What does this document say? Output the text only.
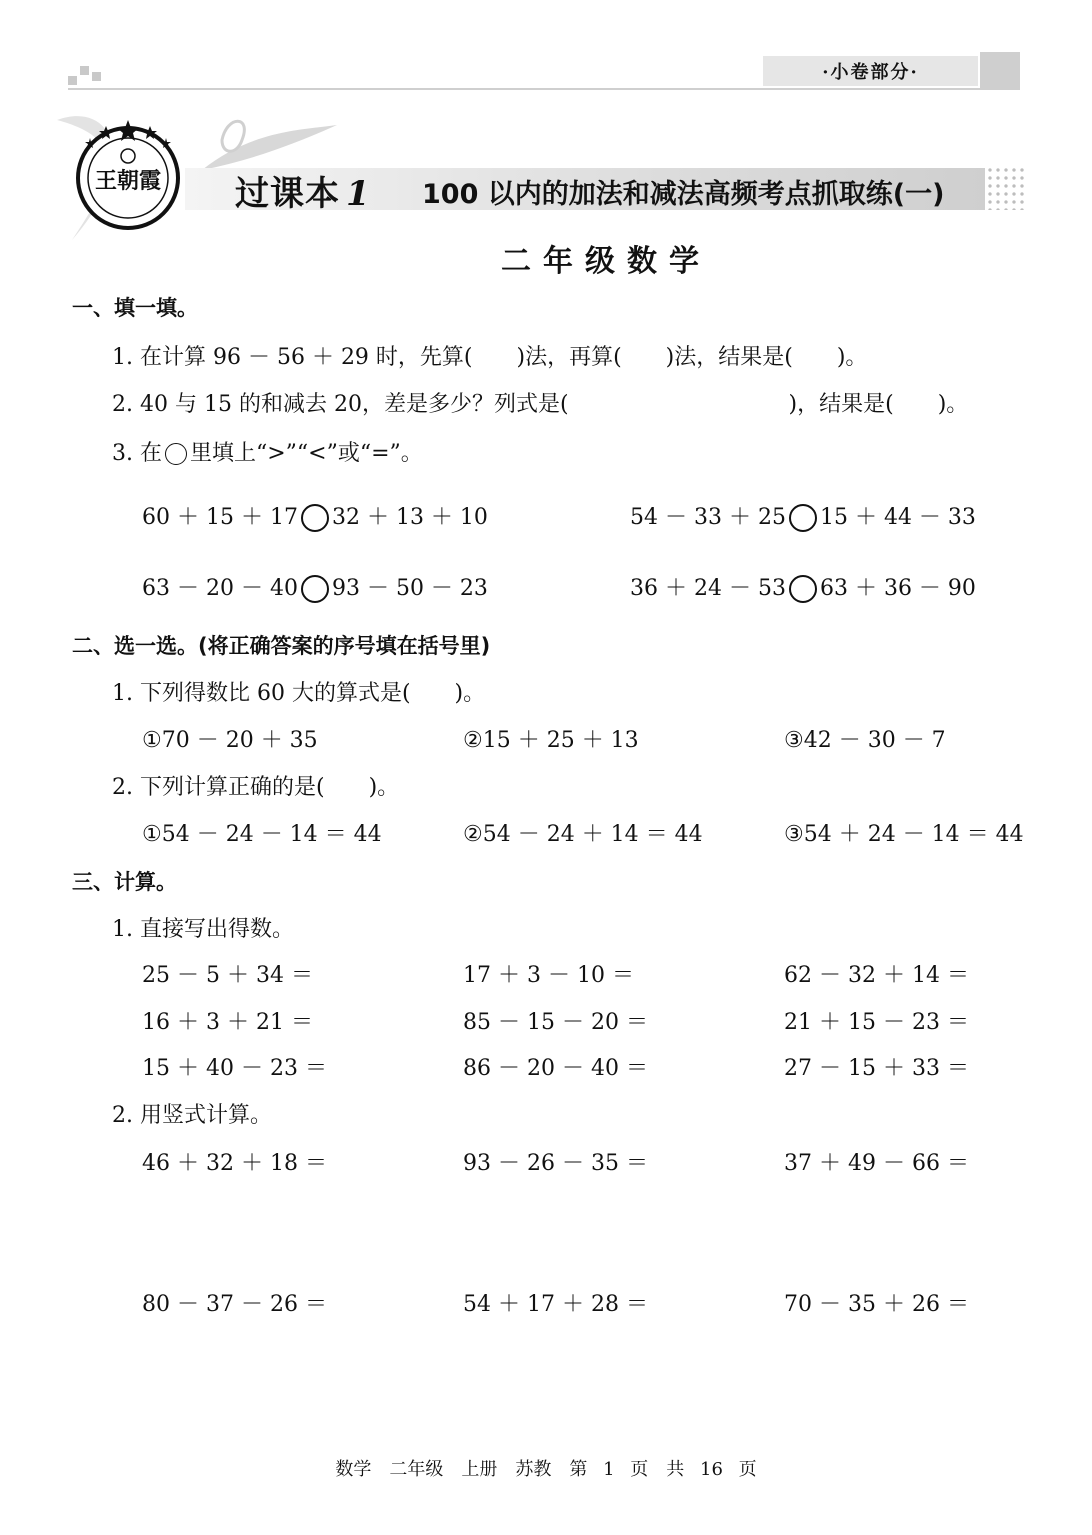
·小卷部分·
王朝霞 过课本 1 100 以内的加法和减法高频考点抓取练(一)
二年级数学
一、填一填。
1. 在计算 96 － 56 ＋ 29 时，先算(　　)法，再算(　　)法，结果是(　　)。
2. 40 与 15 的和减去 20，差是多少？列式是(　　　　　　　　　　)，结果是(　　)。
3. 在 里填上“>”“<”或“=”。
60 ＋ 15 ＋ 17 32 ＋ 13 ＋ 10	54 － 33 ＋ 25 15 ＋ 44 － 33
63 － 20 － 40 93 － 50 － 23	36 ＋ 24 － 53 63 ＋ 36 － 90
二、选一选。(将正确答案的序号填在括号里)
1. 下列得数比 60 大的算式是(　　)。
①70 － 20 ＋ 35	②15 ＋ 25 ＋ 13	③42 － 30 － 7
2. 下列计算正确的是(　　)。
①54 － 24 － 14 ＝ 44	②54 － 24 ＋ 14 ＝ 44	③54 ＋ 24 － 14 ＝ 44
三、计算。
1. 直接写出得数。
25 － 5 ＋ 34 ＝	17 ＋ 3 － 10 ＝	62 － 32 ＋ 14 ＝
16 ＋ 3 ＋ 21 ＝	85 － 15 － 20 ＝	21 ＋ 15 － 23 ＝
15 ＋ 40 － 23 ＝	86 － 20 － 40 ＝	27 － 15 ＋ 33 ＝
2. 用竖式计算。
46 ＋ 32 ＋ 18 ＝	93 － 26 － 35 ＝	37 ＋ 49 － 66 ＝
80 － 37 － 26 ＝	54 ＋ 17 ＋ 28 ＝	70 － 35 ＋ 26 ＝
数学　二年级　上册　苏教　第 1 页　共 16 页
